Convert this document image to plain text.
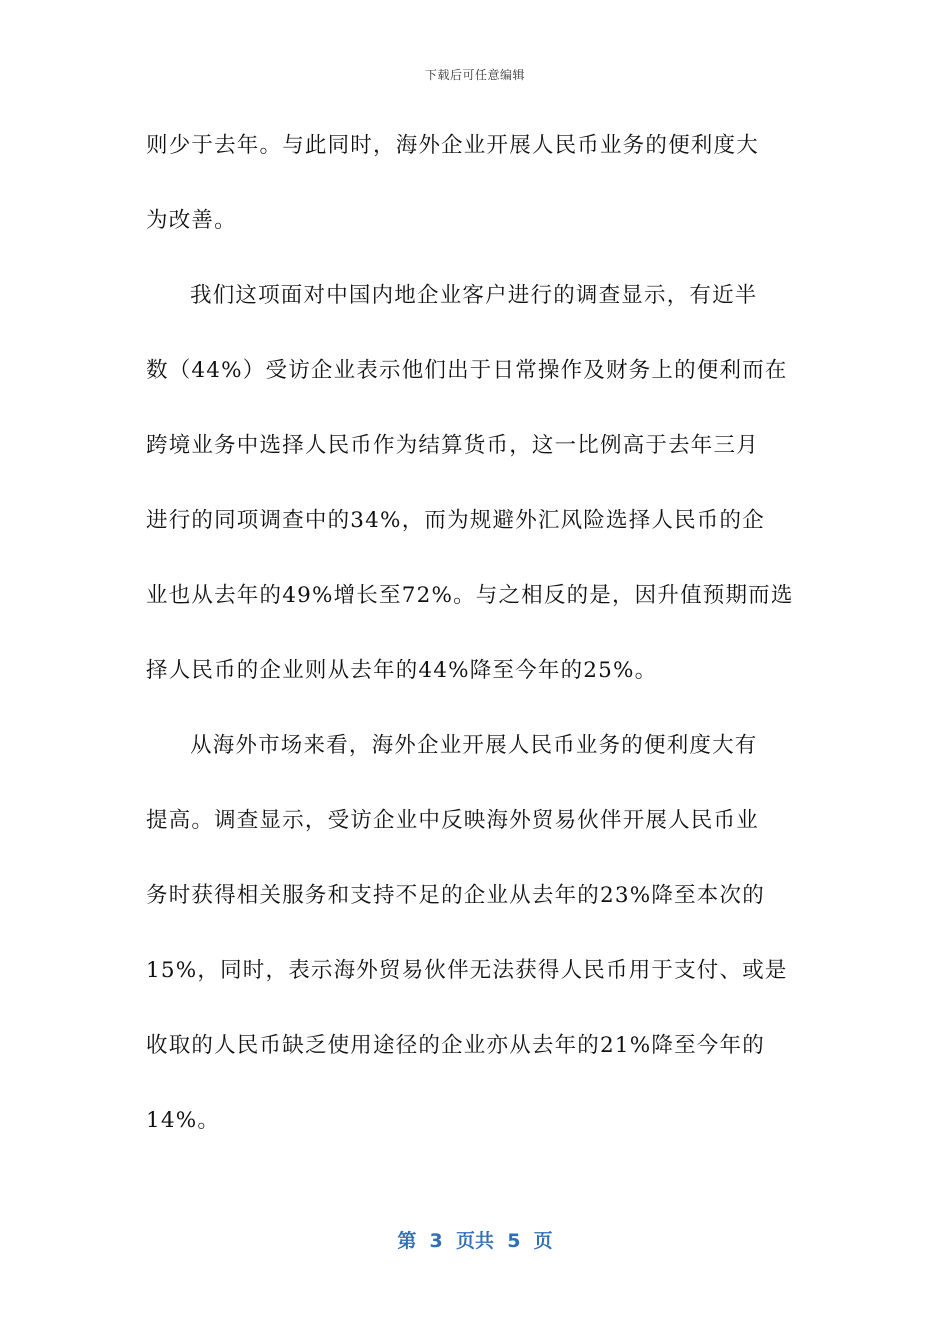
下载后可任意编辑
则少于去年。与此同时，海外企业开展人民币业务的便利度大
为改善。
我们这项面对中国内地企业客户进行的调查显示，有近半
数（44%）受访企业表示他们出于日常操作及财务上的便利而在
跨境业务中选择人民币作为结算货币，这一比例高于去年三月
进行的同项调查中的34%，而为规避外汇风险选择人民币的企
业也从去年的49%增长至72%。与之相反的是，因升值预期而选
择人民币的企业则从去年的44%降至今年的25%。
从海外市场来看，海外企业开展人民币业务的便利度大有
提高。调查显示，受访企业中反映海外贸易伙伴开展人民币业
务时获得相关服务和支持不足的企业从去年的23%降至本次的
15%，同时，表示海外贸易伙伴无法获得人民币用于支付、或是
收取的人民币缺乏使用途径的企业亦从去年的21%降至今年的
14%。
第  3  页共  5  页
